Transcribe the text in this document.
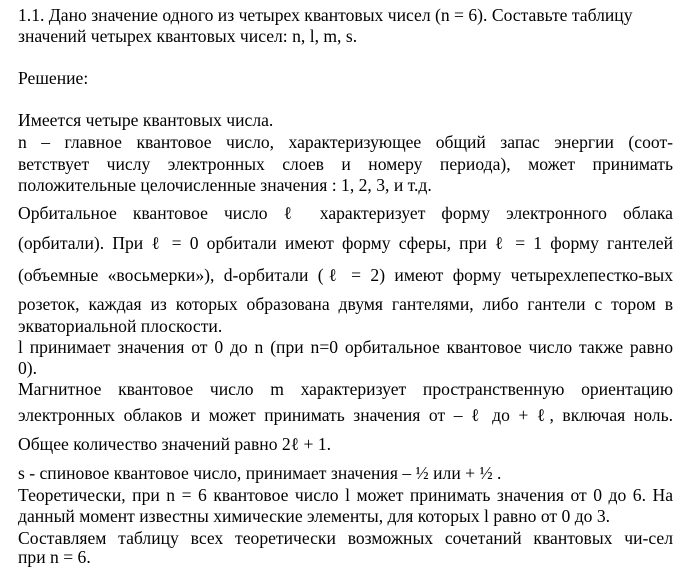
1.1. Дано значение одного из четырех квантовых чисел (n = 6). Составьте таблицу
значений четырех квантовых чисел: n, l, m, s.
Решение:
Имеется четыре квантовых числа.
n – главное квантовое число, характеризующее общий запас энергии (соот-
ветствует числу электронных слоев и номеру периода), может принимать
положительные целочисленные значения : 1, 2, 3, и т.д.
Орбитальное квантовое число ℓ характеризует форму электронного облака
(орбитали). При ℓ = 0 орбитали имеют форму сферы, при ℓ = 1 форму гантелей
(объемные «восьмерки»), d-орбитали (ℓ = 2) имеют форму четырехлепестко-вых
розеток, каждая из которых образована двумя гантелями, либо гантели с тором в
экваториальной плоскости.
l принимает значения от 0 до n (при n=0 орбитальное квантовое число также равно
0).
Магнитное квантовое число m характеризует пространственную ориентацию
электронных облаков и может принимать значения от – ℓ до + ℓ, включая ноль.
Общее количество значений равно 2ℓ + 1.
s - спиновое квантовое число, принимает значения – ½ или + ½ .
Теоретически, при n = 6 квантовое число l может принимать значения от 0 до 6. На
данный момент известны химические элементы, для которых l равно от 0 до 3.
Составляем таблицу всех теоретически возможных сочетаний квантовых чи-сел
при n = 6.
